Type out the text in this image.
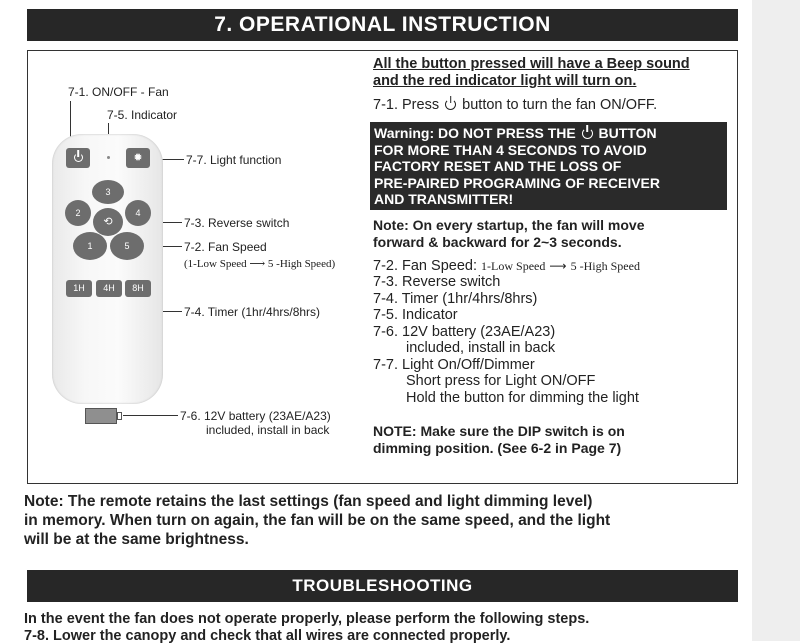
7. OPERATIONAL INSTRUCTION
7-1. ON/OFF - Fan
7-5. Indicator
7-7. Light function
7-3. Reverse switch
7-2. Fan Speed
(1-Low Speed ⟶ 5 -High Speed)
7-4. Timer (1hr/4hrs/8hrs)
7-6. 12V battery (23AE/A23)
included, install in back
✹
3
2
⟲
4
1	5
1H	4H	8H
All the button pressed will have a Beep sound
and the red indicator light will turn on.
7-1. Press button to turn the fan ON/OFF.
Warning: DO NOT PRESS THE BUTTON
FOR MORE THAN 4 SECONDS TO AVOID
FACTORY RESET AND THE LOSS OF
PRE-PAIRED PROGRAMING OF RECEIVER
AND TRANSMITTER!
Note: On every startup, the fan will move
forward & backward for 2~3 seconds.
7-2. Fan Speed: 1-Low Speed ⟶ 5 -High Speed
7-3. Reverse switch
7-4. Timer (1hr/4hrs/8hrs)
7-5. Indicator
7-6. 12V battery (23AE/A23)
included, install in back
7-7. Light On/Off/Dimmer
Short press for Light ON/OFF
Hold the button for dimming the light
NOTE: Make sure the DIP switch is on
dimming position. (See 6-2 in Page 7)
Note: The remote retains the last settings (fan speed and light dimming level)
in memory. When turn on again, the fan will be on the same speed, and the light
will be at the same brightness.
TROUBLESHOOTING
In the event the fan does not operate properly, please perform the following steps.
7-8. Lower the canopy and check that all wires are connected properly.
